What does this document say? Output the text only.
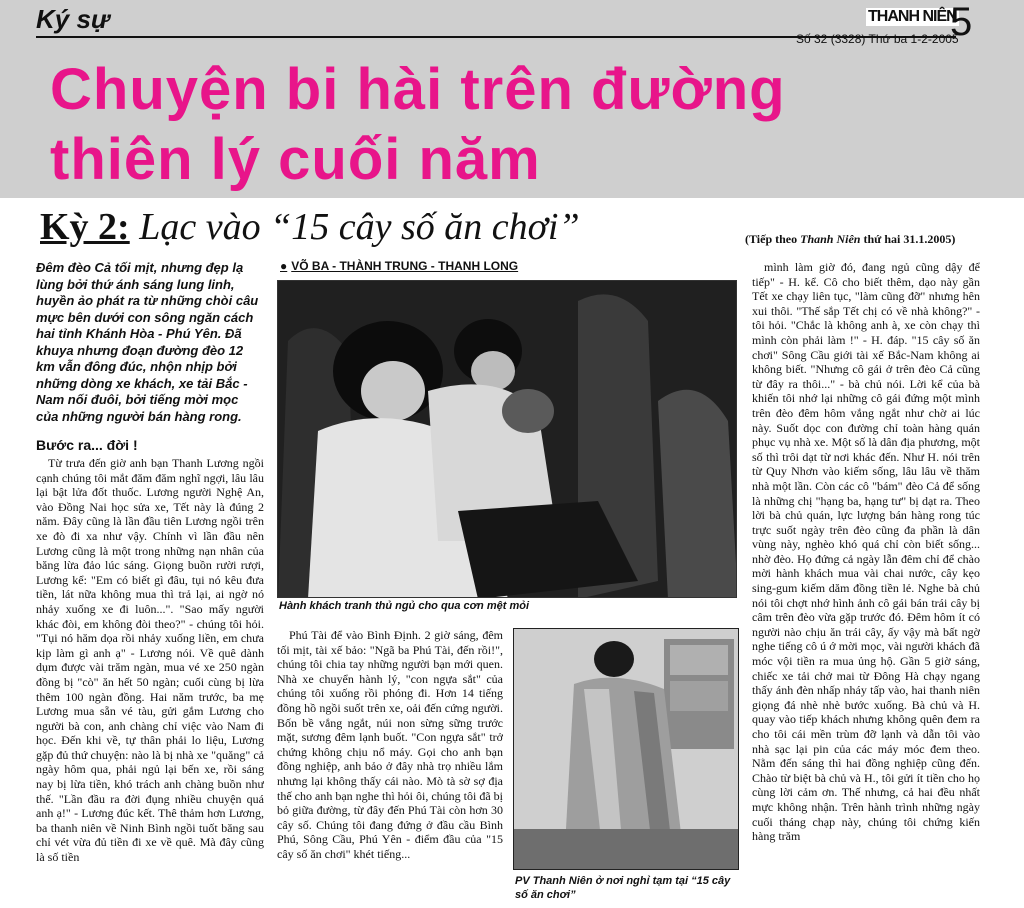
Ký sự	THANH NIÊN
5
Số 32 (3328) Thứ ba 1-2-2005
Chuyện bi hài trên đường
thiên lý cuối năm
Kỳ 2: Lạc vào “15 cây số ăn chơi”	(Tiếp theo Thanh Niên thứ hai 31.1.2005)
Đêm đèo Cả tối mịt, nhưng đẹp lạ lùng bởi thứ ánh sáng lung linh, huyền ảo phát ra từ những chòi câu mực bên dưới con sông ngăn cách hai tỉnh Khánh Hòa - Phú Yên. Đã khuya nhưng đoạn đường đèo 12 km vẫn đông đúc, nhộn nhịp bởi những dòng xe khách, xe tải Bắc - Nam nối đuôi, bởi tiếng mời mọc của những người bán hàng rong.
Bước ra... đời !
Từ trưa đến giờ anh bạn Thanh Lương ngồi cạnh chúng tôi mắt đăm đăm nghĩ ngợi, lâu lâu lại bật lửa đốt thuốc. Lương người Nghệ An, vào Đồng Nai học sửa xe, Tết này là đúng 2 năm. Đây cũng là lần đầu tiên Lương ngồi trên xe đò đi xa như vậy. Chính vì lần đầu nên Lương cũng là một trong những nạn nhân của băng lừa đảo lúc sáng. Giọng buồn rười rượi, Lương kể: "Em có biết gì đâu, tụi nó kêu đưa tiền, lát nữa không mua thì trả lại, ai ngờ nó nhảy xuống xe đi luôn...". "Sao mấy người khác đòi, em không đòi theo?" - chúng tôi hỏi. "Tụi nó hăm dọa rồi nhảy xuống liền, em chưa kịp làm gì anh ạ" - Lương nói. Về quê dành dụm được vài trăm ngàn, mua vé xe 250 ngàn đồng bị "cò" ăn hết 50 ngàn; cuối cùng bị lừa thêm 100 ngàn đồng. Hai năm trước, ba mẹ Lương mua sẵn vé tàu, gửi gắm Lương cho người bà con, anh chàng chỉ việc vào Nam đi học. Đến khi về, tự thân phải lo liệu, Lương gặp đủ thứ chuyện: nào là bị nhà xe "quăng" cả ngày hôm qua, phải ngủ lại bến xe, rồi sáng nay bị lừa tiền, khó trách anh chàng buồn như thế. "Lần đầu ra đời đụng nhiều chuyện quá anh ạ!" - Lương đúc kết. Thê thảm hơn Lương, ba thanh niên về Ninh Bình ngồi tuốt băng sau chỉ vét vừa đủ tiền đi xe về quê. Mà đây cũng là số tiền
● VÕ BA - THÀNH TRUNG - THANH LONG
Hành khách tranh thủ ngủ cho qua cơn mệt mỏi
Phú Tài để vào Bình Định. 2 giờ sáng, đêm tối mịt, tài xế bảo: "Ngã ba Phú Tài, đến rồi!", chúng tôi chia tay những người bạn mới quen. Nhà xe chuyển hành lý, "con ngựa sắt" của chúng tôi xuống rồi phóng đi. Hơn 14 tiếng đồng hồ ngồi suốt trên xe, oải đến cứng người. Bốn bề vắng ngắt, núi non sừng sững trước mặt, sương đêm lạnh buốt. "Con ngựa sắt" trở chứng không chịu nổ máy. Gọi cho anh bạn đồng nghiệp, anh bảo ở đây nhà trọ nhiều lắm nhưng lại không thấy cái nào. Mò tà sờ sợ địa thế cho anh bạn nghe thì hỏi ôi, chúng tôi đã bị bỏ giữa đường, từ đây đến Phú Tài còn hơn 30 cây số. Chúng tôi đang đứng ở đầu cầu Bình Phú, Sông Cầu, Phú Yên - điểm đầu của "15 cây số ăn chơi" khét tiếng...
PV Thanh Niên ở nơi nghỉ tạm tại “15 cây số ăn chơi”
mình làm giờ đó, đang ngủ cũng dậy để tiếp" - H. kể. Cô cho biết thêm, dạo này gần Tết xe chạy liên tục, "làm cũng đỡ" nhưng hên xui thôi. "Thế sắp Tết chị có về nhà không?" - tôi hỏi. "Chắc là không anh à, xe còn chạy thì mình còn phải làm !" - H. đáp. "15 cây số ăn chơi" Sông Cầu giới tài xế Bắc-Nam không ai không biết. "Nhưng cô gái ở trên đèo Cả cũng từ đây ra thôi..." - bà chủ nói. Lời kể của bà khiến tôi nhớ lại những cô gái đứng một mình trên đèo đêm hôm vắng ngắt như chờ ai lúc này. Suốt dọc con đường chỉ toàn hàng quán phục vụ nhà xe. Một số là dân địa phương, một số thì trôi dạt từ nơi khác đến. Như H. nói trên từ Quy Nhơn vào kiếm sống, lâu lâu về thăm nhà một lần. Còn các cô "bám" đèo Cả để sống là những chị "hạng ba, hạng tư" bị dạt ra. Theo lời bà chủ quán, lực lượng bán hàng rong túc trực suốt ngày trên đèo cũng đa phần là dân vùng này, nghèo khó quá chỉ còn biết sống... nhờ đèo. Họ đứng cả ngày lẫn đêm chỉ để chào mời hành khách mua vài chai nước, cây kẹo sing-gum kiếm dăm đồng tiền lẻ. Nghe bà chủ nói tôi chợt nhớ hình ảnh cô gái bán trái cây bị câm trên đèo vừa gặp trước đó. Đêm hôm ít có người nào chịu ăn trái cây, ấy vậy mà bất ngờ nghe tiếng cô ú ớ mời mọc, vài người khách đã móc vội tiền ra mua ủng hộ. Gần 5 giờ sáng, chiếc xe tải chở mai từ Đông Hà chạy ngang thấy ánh đèn nhấp nháy tấp vào, hai thanh niên giọng đá nhè nhè bước xuống. Bà chủ và H. quay vào tiếp khách nhưng không quên đem ra cho tôi cái mền trùm đỡ lạnh và dẫn tôi vào nhà sạc lại pin của các máy móc đem theo. Nằm đến sáng thì hai đồng nghiệp cũng đến. Chào từ biệt bà chủ và H., tôi gửi ít tiền cho họ cùng lời cảm ơn. Thế nhưng, cả hai đều nhất mực không nhận. Trên hành trình những ngày cuối tháng chạp này, chúng tôi chứng kiến hàng trăm
